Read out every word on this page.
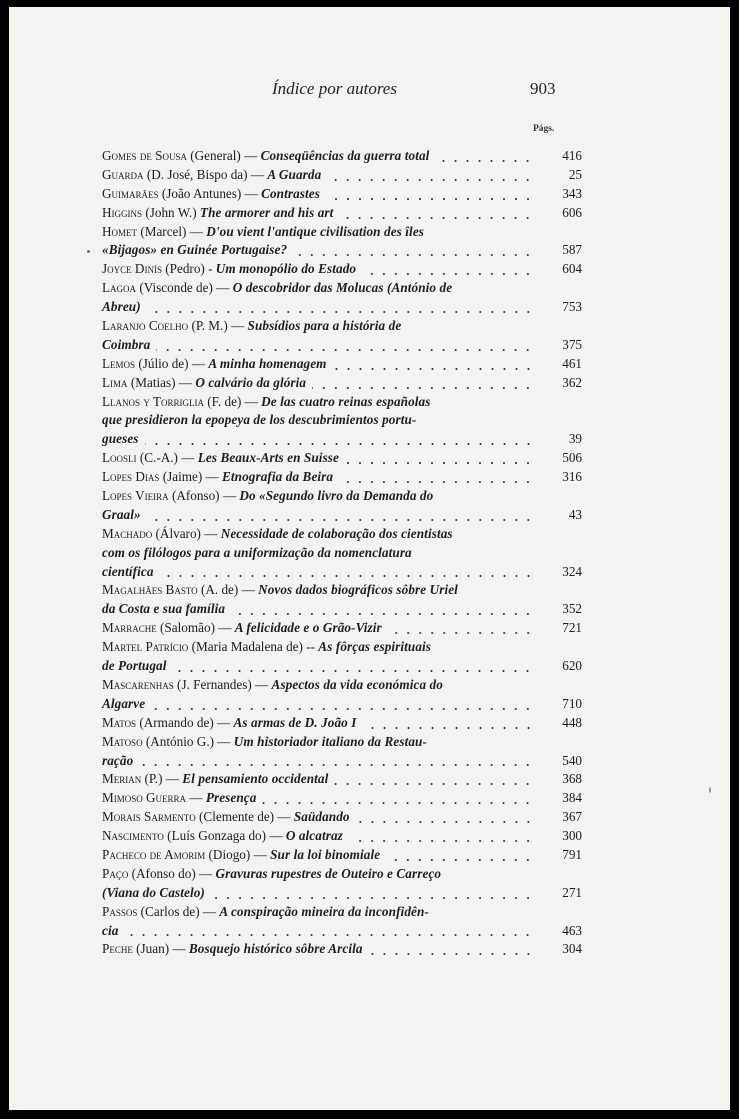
Índice por autores	903
Págs.
Gomes de Sousa (General) — Conseqüências da guerra total	416
Guarda (D. José, Bispo da) — A Guarda	25
Guimarães (João Antunes) — Contrastes	343
Higgins (John W.) The armorer and his art	606
Homet (Marcel) — D'ou vient l'antique civilisation des îles
«Bijagos» en Guinée Portugaise?	587
Joyce Dinís (Pedro) - Um monopólio do Estado	604
Lagoa (Visconde de) — O descobridor das Molucas (António de
Abreu)	753
Laranjo Coelho (P. M.) — Subsídios para a história de
Coimbra	375
Lemos (Júlio de) — A minha homenagem	461
Lima (Matias) — O calvário da glória	362
Llanos y Torriglia (F. de) — De las cuatro reinas españolas
que presidieron la epopeya de los descubrimientos portu-
gueses	39
Loosli (C.-A.) — Les Beaux-Arts en Suisse	506
Lopes Dias (Jaime) — Etnografia da Beira	316
Lopes Vieira (Afonso) — Do «Segundo livro da Demanda do
Graal»	43
Machado (Álvaro) — Necessidade de colaboração dos cientistas
com os filólogos para a uniformização da nomenclatura
científica	324
Magalhães Basto (A. de) — Novos dados biográficos sôbre Uriel
da Costa e sua família	352
Marrache (Salomão) — A felicidade e o Grão-Vizir	721
Martel Patrício (Maria Madalena de) -- As fôrças espirituais
de Portugal	620
Mascarenhas (J. Fernandes) — Aspectos da vida económica do
Algarve	710
Matos (Armando de) — As armas de D. João I	448
Matoso (António G.) — Um historiador italiano da Restau-
ração	540
Merian (P.) — El pensamiento occidental	368
Mimoso Guerra — Presença	384
Morais Sarmento (Clemente de) — Saüdando	367
Nascimento (Luís Gonzaga do) — O alcatraz	300
Pacheco de Amorim (Diogo) — Sur la loi binomiale	791
Paço (Afonso do) — Gravuras rupestres de Outeiro e Carreço
(Viana do Castelo)	271
Passos (Carlos de) — A conspiração mineira da inconfidên-
cia	463
Peche (Juan) — Bosquejo histórico sôbre Arcila	304
